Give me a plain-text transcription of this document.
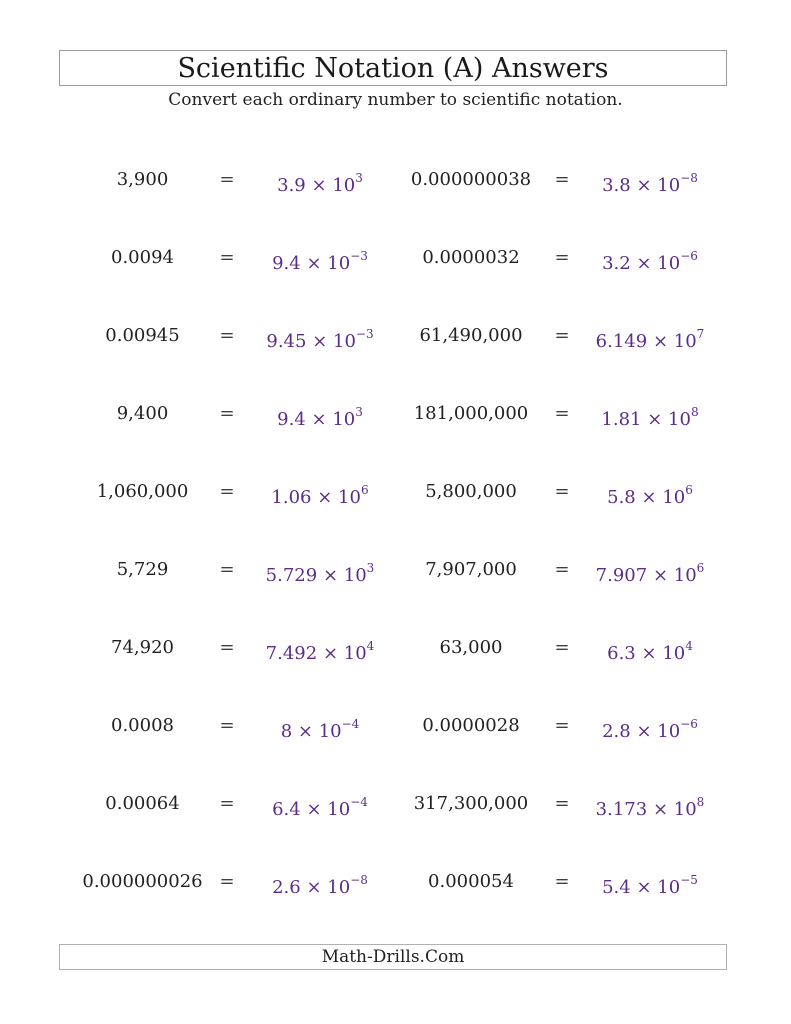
Scientific Notation (A) Answers
Convert each ordinary number to scientific notation.
3,900	=	$3.9 \times 10^3$	0.000000038	=	$3.8 \times 10^{-8}$
0.0094	=	$9.4 \times 10^{-3}$	0.0000032	=	$3.2 \times 10^{-6}$
0.00945	=	$9.45 \times 10^{-3}$	61,490,000	=	$6.149 \times 10^7$
9,400	=	$9.4 \times 10^3$	181,000,000	=	$1.81 \times 10^8$
1,060,000	=	$1.06 \times 10^6$	5,800,000	=	$5.8 \times 10^6$
5,729	=	$5.729 \times 10^3$	7,907,000	=	$7.907 \times 10^6$
74,920	=	$7.492 \times 10^4$	63,000	=	$6.3 \times 10^4$
0.0008	=	$8 \times 10^{-4}$	0.0000028	=	$2.8 \times 10^{-6}$
0.00064	=	$6.4 \times 10^{-4}$	317,300,000	=	$3.173 \times 10^8$
0.000000026 =	$2.6 \times 10^{-8}$	0.000054	=	$5.4 \times 10^{-5}$
Math-Drills.Com
